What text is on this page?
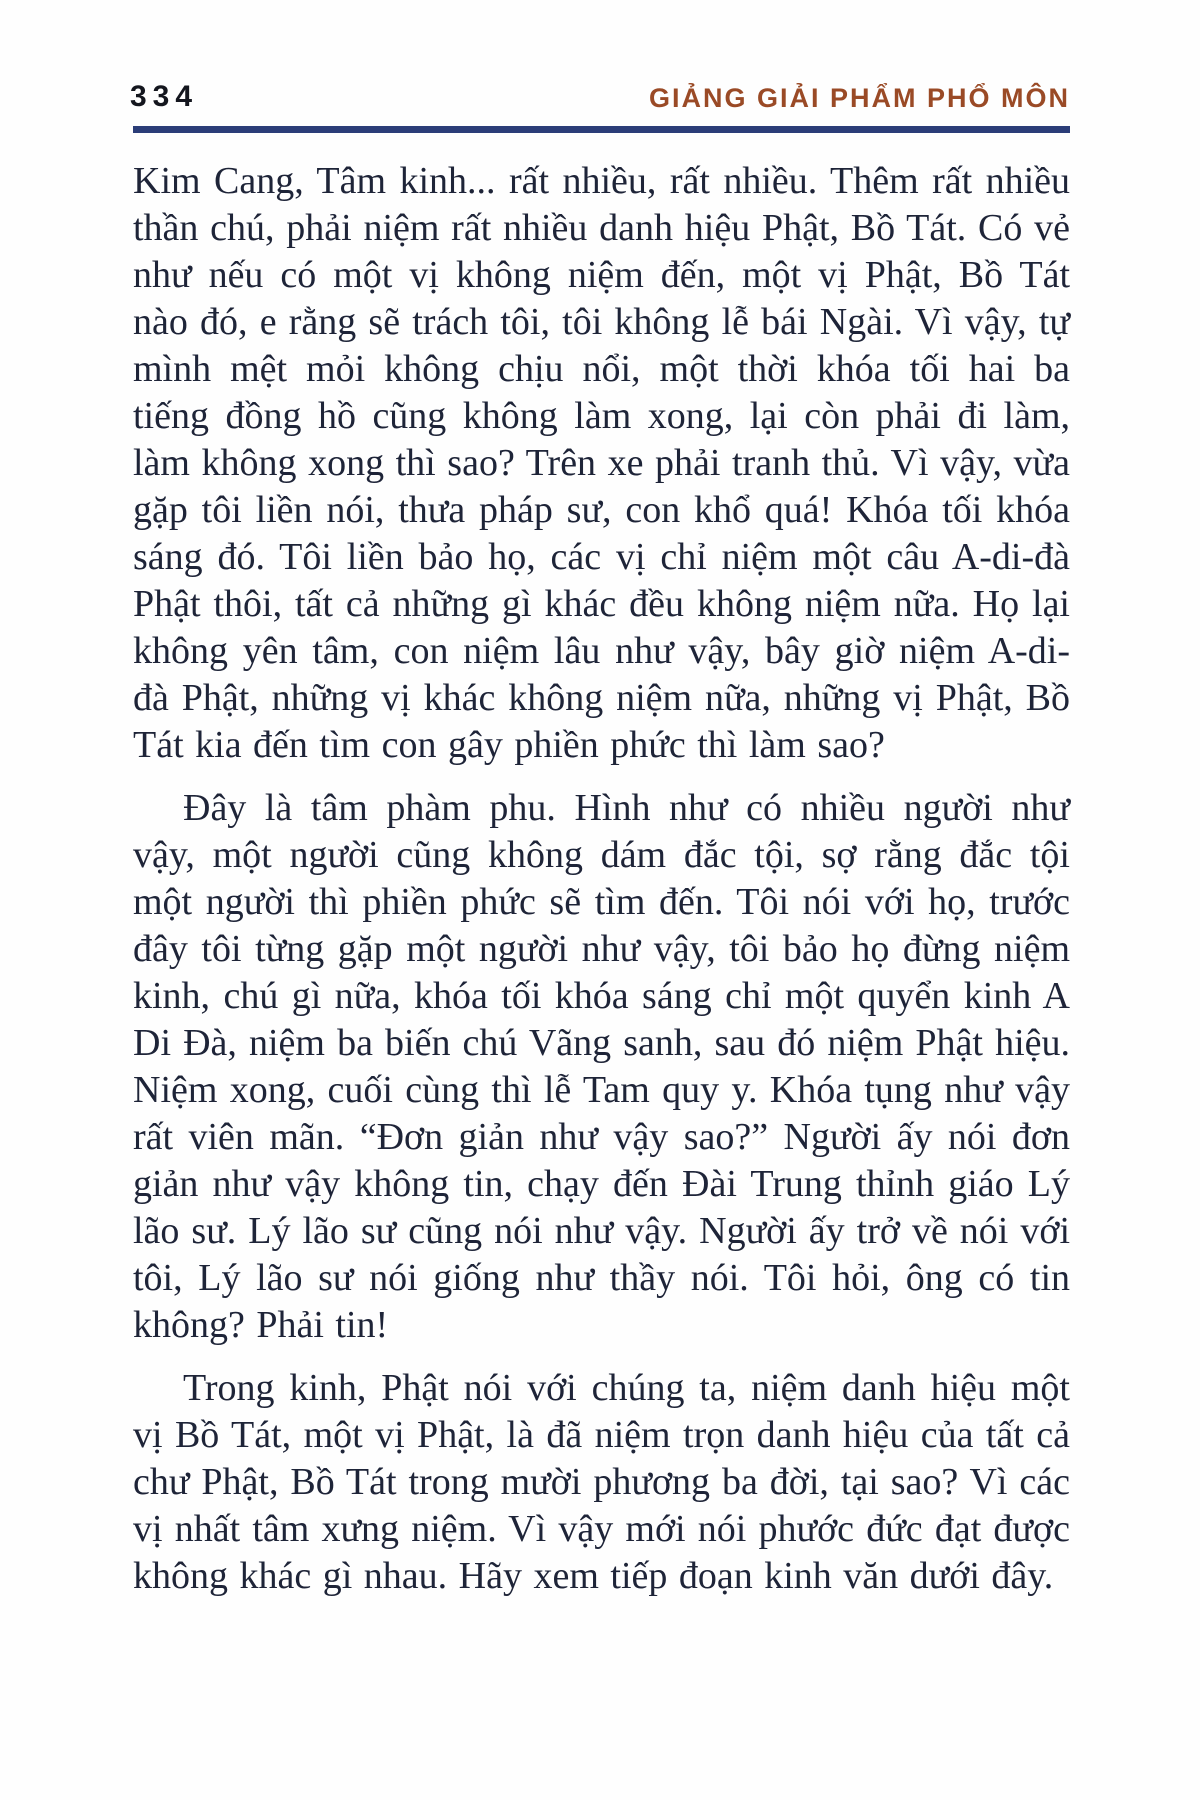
334	GIẢNG GIẢI PHẨM PHỔ MÔN

Kim Cang, Tâm kinh... rất nhiều, rất nhiều. Thêm rất nhiều thần chú, phải niệm rất nhiều danh hiệu Phật, Bồ Tát. Có vẻ như nếu có một vị không niệm đến, một vị Phật, Bồ Tát nào đó, e rằng sẽ trách tôi, tôi không lễ bái Ngài. Vì vậy, tự mình mệt mỏi không chịu nổi, một thời khóa tối hai ba tiếng đồng hồ cũng không làm xong, lại còn phải đi làm, làm không xong thì sao? Trên xe phải tranh thủ. Vì vậy, vừa gặp tôi liền nói, thưa pháp sư, con khổ quá! Khóa tối khóa sáng đó. Tôi liền bảo họ, các vị chỉ niệm một câu A-di-đà Phật thôi, tất cả những gì khác đều không niệm nữa. Họ lại không yên tâm, con niệm lâu như vậy, bây giờ niệm A-di-đà Phật, những vị khác không niệm nữa, những vị Phật, Bồ Tát kia đến tìm con gây phiền phức thì làm sao?

Đây là tâm phàm phu. Hình như có nhiều người như vậy, một người cũng không dám đắc tội, sợ rằng đắc tội một người thì phiền phức sẽ tìm đến. Tôi nói với họ, trước đây tôi từng gặp một người như vậy, tôi bảo họ đừng niệm kinh, chú gì nữa, khóa tối khóa sáng chỉ một quyển kinh A Di Đà, niệm ba biến chú Vãng sanh, sau đó niệm Phật hiệu. Niệm xong, cuối cùng thì lễ Tam quy y. Khóa tụng như vậy rất viên mãn. “Đơn giản như vậy sao?” Người ấy nói đơn giản như vậy không tin, chạy đến Đài Trung thỉnh giáo Lý lão sư. Lý lão sư cũng nói như vậy. Người ấy trở về nói với tôi, Lý lão sư nói giống như thầy nói. Tôi hỏi, ông có tin không? Phải tin!

Trong kinh, Phật nói với chúng ta, niệm danh hiệu một vị Bồ Tát, một vị Phật, là đã niệm trọn danh hiệu của tất cả chư Phật, Bồ Tát trong mười phương ba đời, tại sao? Vì các vị nhất tâm xưng niệm. Vì vậy mới nói phước đức đạt được không khác gì nhau. Hãy xem tiếp đoạn kinh văn dưới đây.
